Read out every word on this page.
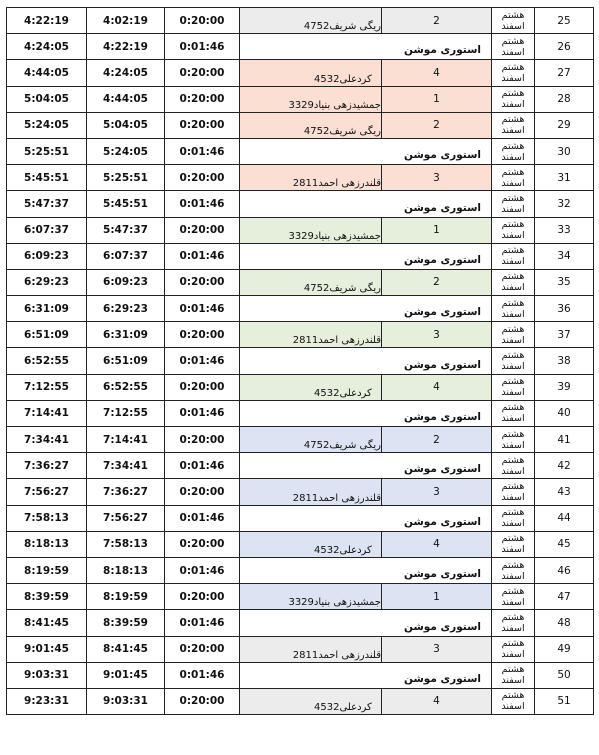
4:22:19	4:02:19	0:20:00	ریگی شریف4752	2	هشتم اسفند	25
4:24:05	4:22:19	0:01:46	استوری موشن		هشتم اسفند	26
4:44:05	4:24:05	0:20:00	کردعلی4532	4	هشتم اسفند	27
5:04:05	4:44:05	0:20:00	جمشیدزهی بنیاد3329	1	هشتم اسفند	28
5:24:05	5:04:05	0:20:00	ریگی شریف4752	2	هشتم اسفند	29
5:25:51	5:24:05	0:01:46	استوری موشن		هشتم اسفند	30
5:45:51	5:25:51	0:20:00	قلندرزهی احمد2811	3	هشتم اسفند	31
5:47:37	5:45:51	0:01:46	استوری موشن		هشتم اسفند	32
6:07:37	5:47:37	0:20:00	جمشیدزهی بنیاد3329	1	هشتم اسفند	33
6:09:23	6:07:37	0:01:46	استوری موشن		هشتم اسفند	34
6:29:23	6:09:23	0:20:00	ریگی شریف4752	2	هشتم اسفند	35
6:31:09	6:29:23	0:01:46	استوری موشن		هشتم اسفند	36
6:51:09	6:31:09	0:20:00	قلندرزهی احمد2811	3	هشتم اسفند	37
6:52:55	6:51:09	0:01:46	استوری موشن		هشتم اسفند	38
7:12:55	6:52:55	0:20:00	کردعلی4532	4	هشتم اسفند	39
7:14:41	7:12:55	0:01:46	استوری موشن		هشتم اسفند	40
7:34:41	7:14:41	0:20:00	ریگی شریف4752	2	هشتم اسفند	41
7:36:27	7:34:41	0:01:46	استوری موشن		هشتم اسفند	42
7:56:27	7:36:27	0:20:00	قلندرزهی احمد2811	3	هشتم اسفند	43
7:58:13	7:56:27	0:01:46	استوری موشن		هشتم اسفند	44
8:18:13	7:58:13	0:20:00	کردعلی4532	4	هشتم اسفند	45
8:19:59	8:18:13	0:01:46	استوری موشن		هشتم اسفند	46
8:39:59	8:19:59	0:20:00	جمشیدزهی بنیاد3329	1	هشتم اسفند	47
8:41:45	8:39:59	0:01:46	استوری موشن		هشتم اسفند	48
9:01:45	8:41:45	0:20:00	قلندرزهی احمد2811	3	هشتم اسفند	49
9:03:31	9:01:45	0:01:46	استوری موشن		هشتم اسفند	50
9:23:31	9:03:31	0:20:00	کردعلی4532	4	هشتم اسفند	51
